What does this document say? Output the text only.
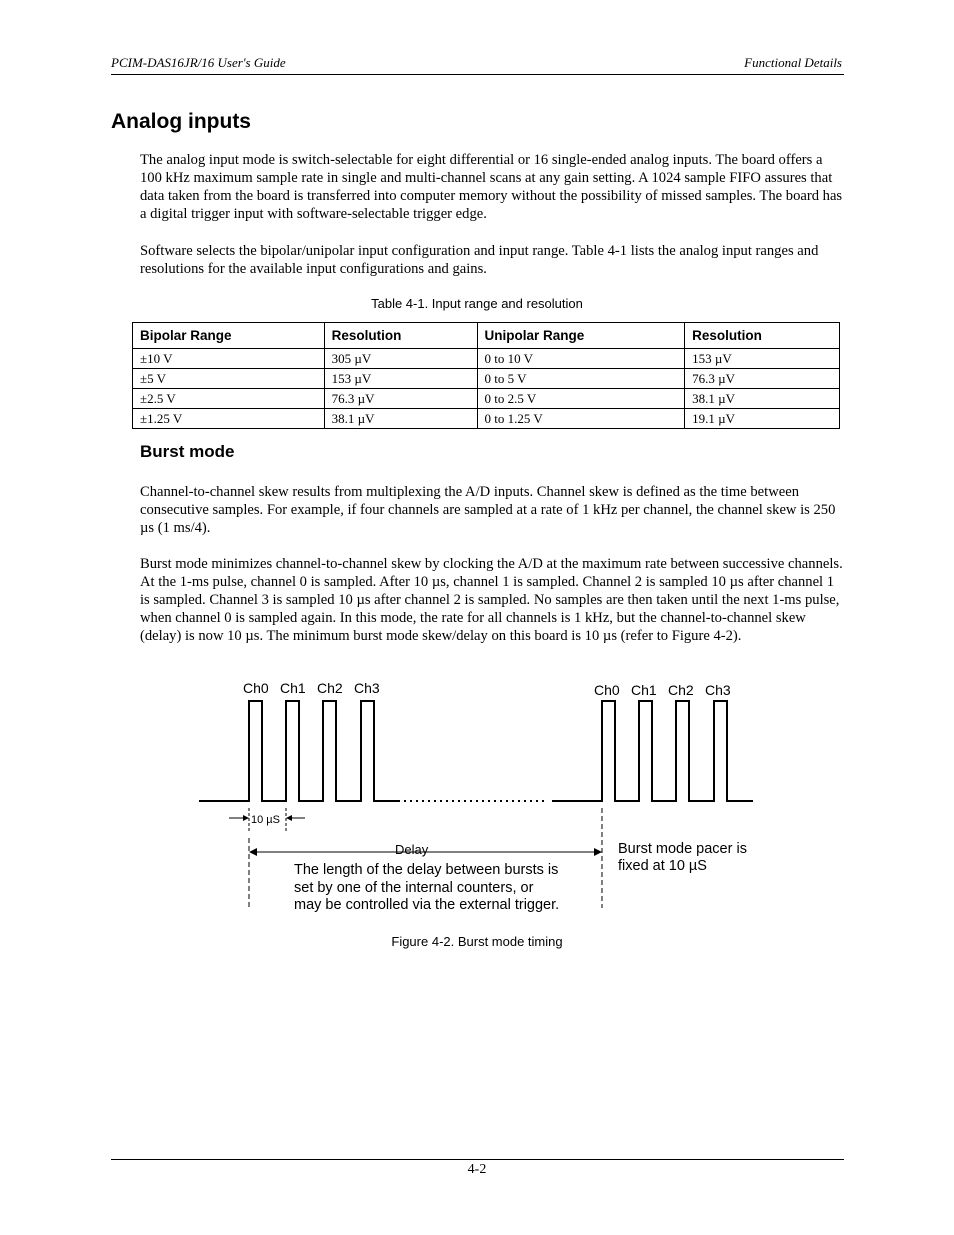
PCIM-DAS16JR/16 User's Guide	Functional Details
Analog inputs

The analog input mode is switch-selectable for eight differential or 16 single-ended analog inputs. The board offers a 100 kHz maximum sample rate in single and multi-channel scans at any gain setting. A 1024 sample FIFO assures that data taken from the board is transferred into computer memory without the possibility of missed samples. The board has a digital trigger input with software-selectable trigger edge.

Software selects the bipolar/unipolar input configuration and input range. Table 4-1 lists the analog input ranges and resolutions for the available input configurations and gains.

Table 4-1. Input range and resolution
Bipolar Range	Resolution	Unipolar Range	Resolution
±10 V	305 µV	0 to 10 V	153 µV
±5 V	153 µV	0 to 5 V	76.3 µV
±2.5 V	76.3 µV	0 to 2.5 V	38.1 µV
±1.25 V	38.1 µV	0 to 1.25 V	19.1 µV
Burst mode

Channel-to-channel skew results from multiplexing the A/D inputs. Channel skew is defined as the time between consecutive samples. For example, if four channels are sampled at a rate of 1 kHz per channel, the channel skew is 250 µs (1 ms/4).

Burst mode minimizes channel-to-channel skew by clocking the A/D at the maximum rate between successive channels. At the 1-ms pulse, channel 0 is sampled. After 10 µs, channel 1 is sampled. Channel 2 is sampled 10 µs after channel 1 is sampled. Channel 3 is sampled 10 µs after channel 2 is sampled. No samples are then taken until the next 1-ms pulse, when channel 0 is sampled again. In this mode, the rate for all channels is 1 kHz, but the channel-to-channel skew (delay) is now 10 µs. The minimum burst mode skew/delay on this board is 10 µs (refer to Figure 4-2).

Ch0 Ch1 Ch2 Ch3	Ch0 Ch1 Ch2 Ch3
10 µS
Delay
The length of the delay between bursts is
set by one of the internal counters, or
may be controlled via the external trigger.
Burst mode pacer is
fixed at 10 µS
Figure 4-2. Burst mode timing
4-2
